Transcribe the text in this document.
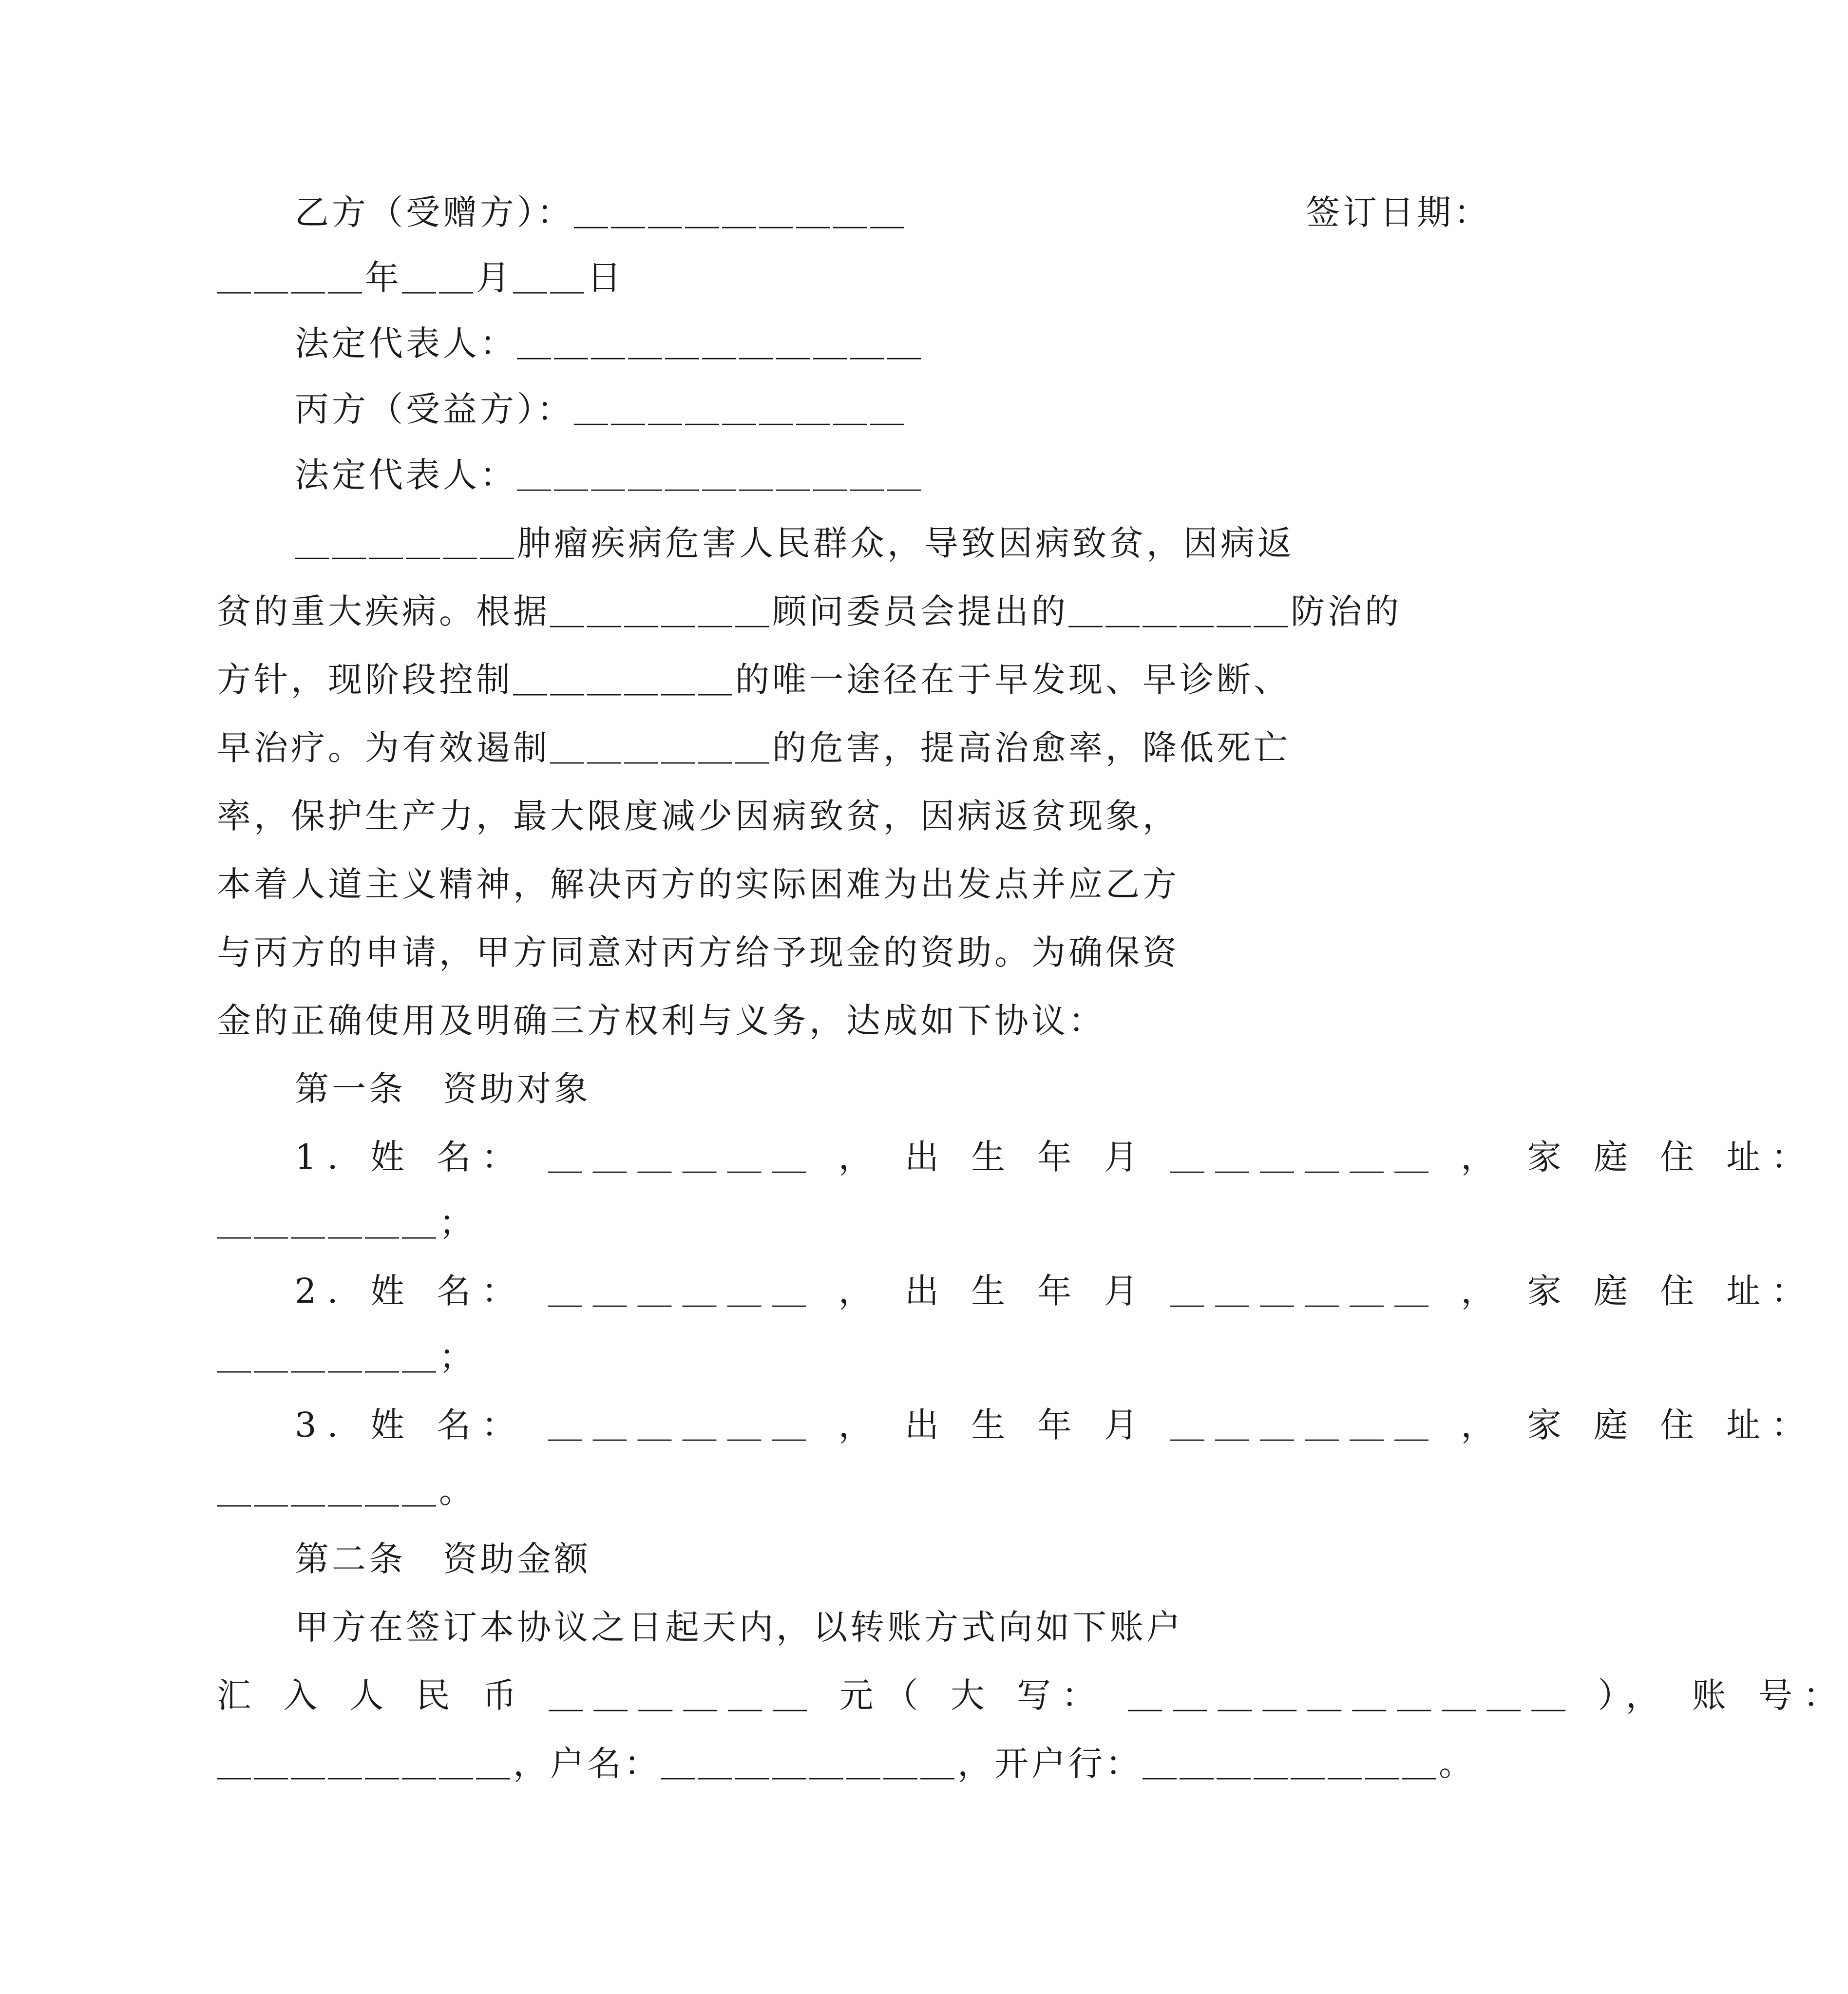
乙方（受赠方）：＿＿＿＿＿＿＿＿＿	签订日期：
＿＿＿＿年＿＿月＿＿日
法定代表人：＿＿＿＿＿＿＿＿＿＿＿
丙方（受益方）：＿＿＿＿＿＿＿＿＿
法定代表人：＿＿＿＿＿＿＿＿＿＿＿
＿＿＿＿＿＿肿瘤疾病危害人民群众，导致因病致贫，因病返
贫的重大疾病。根据＿＿＿＿＿＿顾问委员会提出的＿＿＿＿＿＿防治的
方针，现阶段控制＿＿＿＿＿＿的唯一途径在于早发现、早诊断、
早治疗。为有效遏制＿＿＿＿＿＿的危害，提高治愈率，降低死亡
率，保护生产力，最大限度减少因病致贫，因病返贫现象，
本着人道主义精神，解决丙方的实际困难为出发点并应乙方
与丙方的申请，甲方同意对丙方给予现金的资助。为确保资
金的正确使用及明确三方权利与义务，达成如下协议：
第一条　资助对象
1. 姓 名： ＿＿＿＿＿＿ ， 出 生 年 月 ＿＿＿＿＿＿ ， 家 庭 住 址：
＿＿＿＿＿＿；
2. 姓 名： ＿＿＿＿＿＿ ， 出 生 年 月 ＿＿＿＿＿＿ ， 家 庭 住 址：
＿＿＿＿＿＿；
3. 姓 名： ＿＿＿＿＿＿ ， 出 生 年 月 ＿＿＿＿＿＿ ， 家 庭 住 址：
＿＿＿＿＿＿。
第二条　资助金额
甲方在签订本协议之日起天内，以转账方式向如下账户
汇 入 人 民 币 ＿＿＿＿＿＿ 元（ 大 写： ＿＿＿＿＿＿＿＿＿＿ ）， 账 号：
＿＿＿＿＿＿＿＿，户名：＿＿＿＿＿＿＿＿，开户行：＿＿＿＿＿＿＿＿。
